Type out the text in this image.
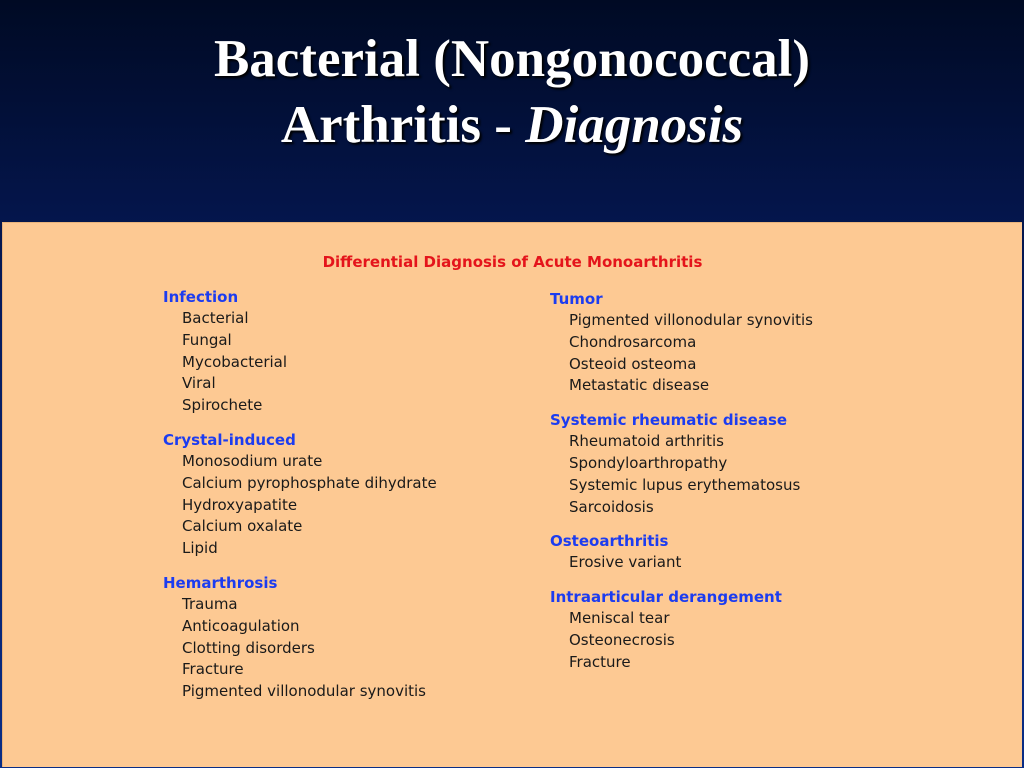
Bacterial (Nongonococcal)
Arthritis - Diagnosis
Differential Diagnosis of Acute Monoarthritis
Infection
Bacterial
Fungal
Mycobacterial
Viral
Spirochete
Crystal-induced
Monosodium urate
Calcium pyrophosphate dihydrate
Hydroxyapatite
Calcium oxalate
Lipid
Hemarthrosis
Trauma
Anticoagulation
Clotting disorders
Fracture
Pigmented villonodular synovitis
Tumor
Pigmented villonodular synovitis
Chondrosarcoma
Osteoid osteoma
Metastatic disease
Systemic rheumatic disease
Rheumatoid arthritis
Spondyloarthropathy
Systemic lupus erythematosus
Sarcoidosis
Osteoarthritis
Erosive variant
Intraarticular derangement
Meniscal tear
Osteonecrosis
Fracture
